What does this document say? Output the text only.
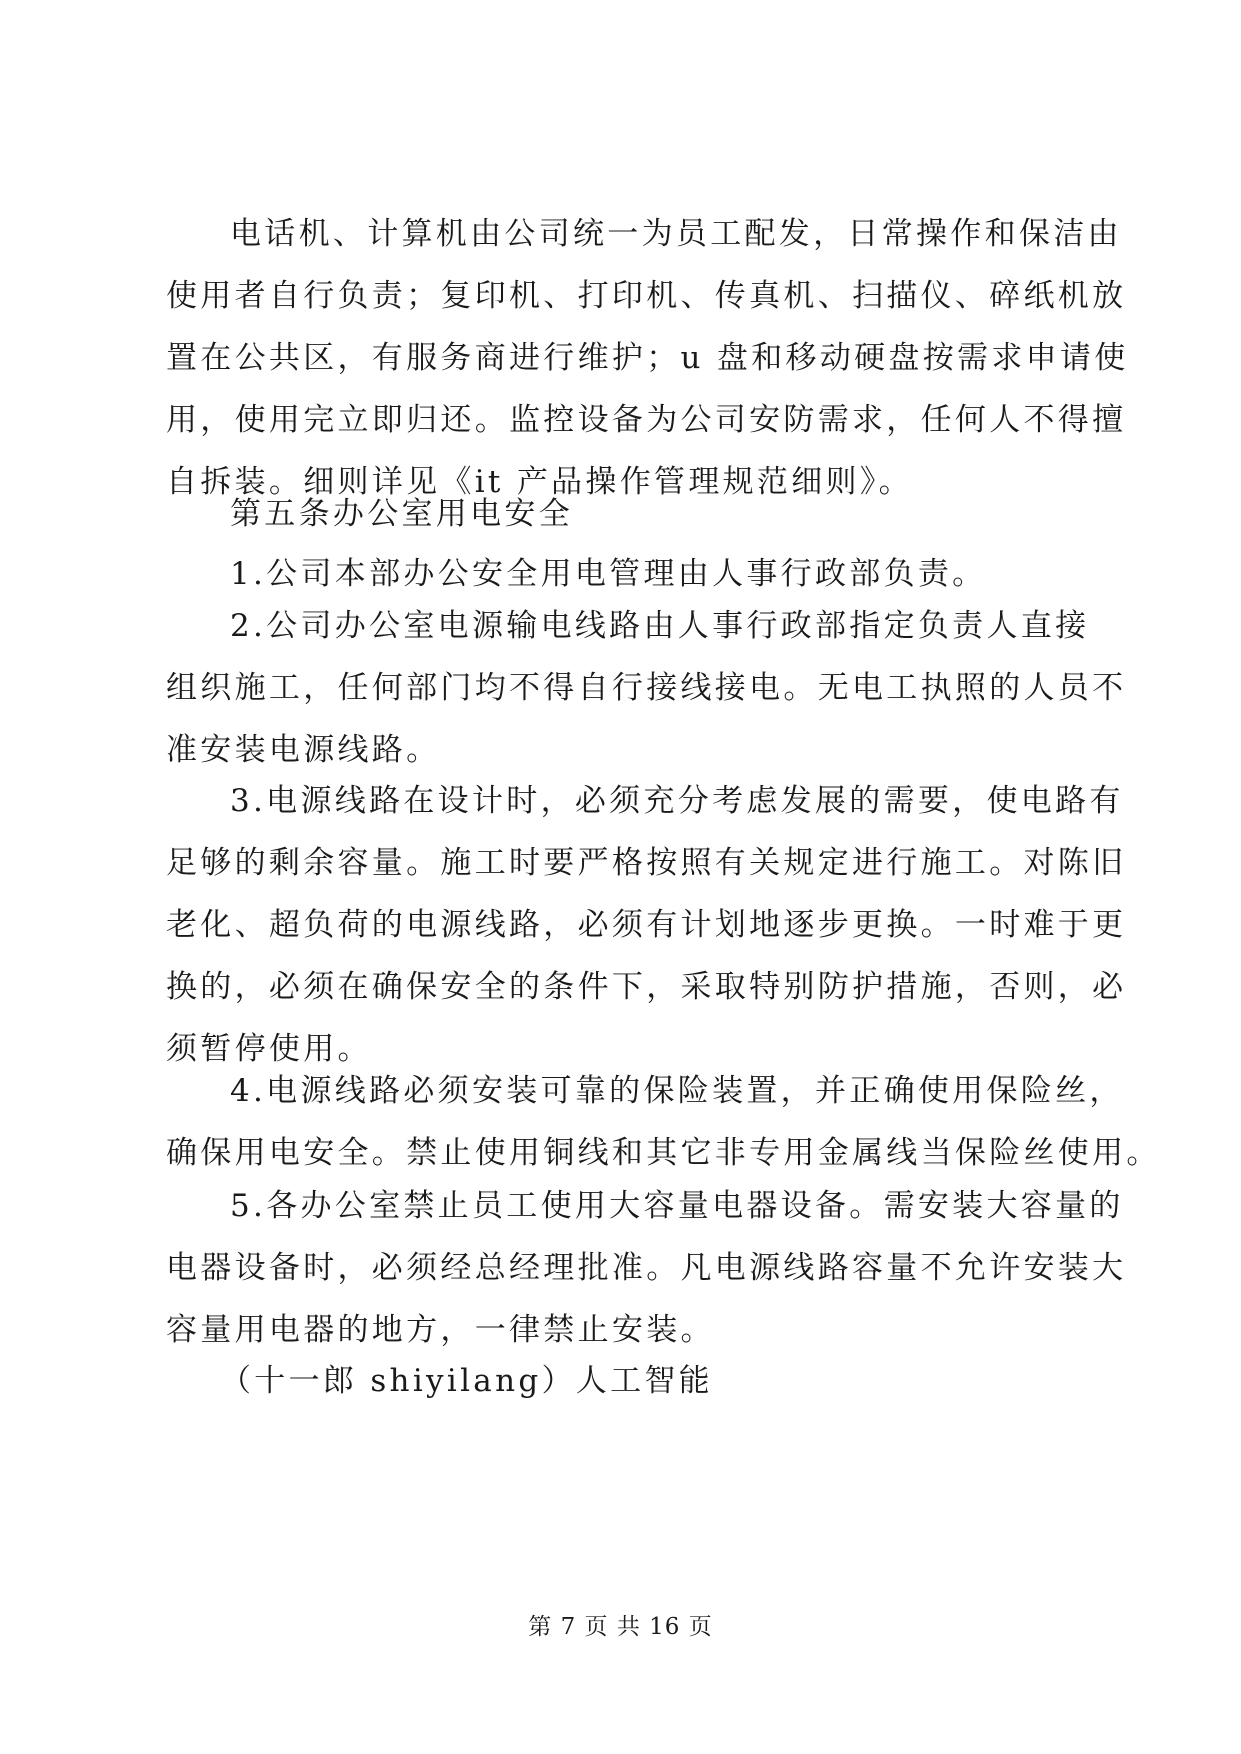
电话机、计算机由公司统一为员工配发，日常操作和保洁由
使用者自行负责；复印机、打印机、传真机、扫描仪、碎纸机放
置在公共区，有服务商进行维护；u 盘和移动硬盘按需求申请使
用，使用完立即归还。监控设备为公司安防需求，任何人不得擅
自拆装。细则详见《it 产品操作管理规范细则》。
第五条办公室用电安全
1.公司本部办公安全用电管理由人事行政部负责。
2.公司办公室电源输电线路由人事行政部指定负责人直接
组织施工，任何部门均不得自行接线接电。无电工执照的人员不
准安装电源线路。
3.电源线路在设计时，必须充分考虑发展的需要，使电路有
足够的剩余容量。施工时要严格按照有关规定进行施工。对陈旧
老化、超负荷的电源线路，必须有计划地逐步更换。一时难于更
换的，必须在确保安全的条件下，采取特别防护措施，否则，必
须暂停使用。
4.电源线路必须安装可靠的保险装置，并正确使用保险丝，
确保用电安全。禁止使用铜线和其它非专用金属线当保险丝使用。
5.各办公室禁止员工使用大容量电器设备。需安装大容量的
电器设备时，必须经总经理批准。凡电源线路容量不允许安装大
容量用电器的地方，一律禁止安装。
（十一郎 shiyilang）人工智能
第 7 页 共 16 页
